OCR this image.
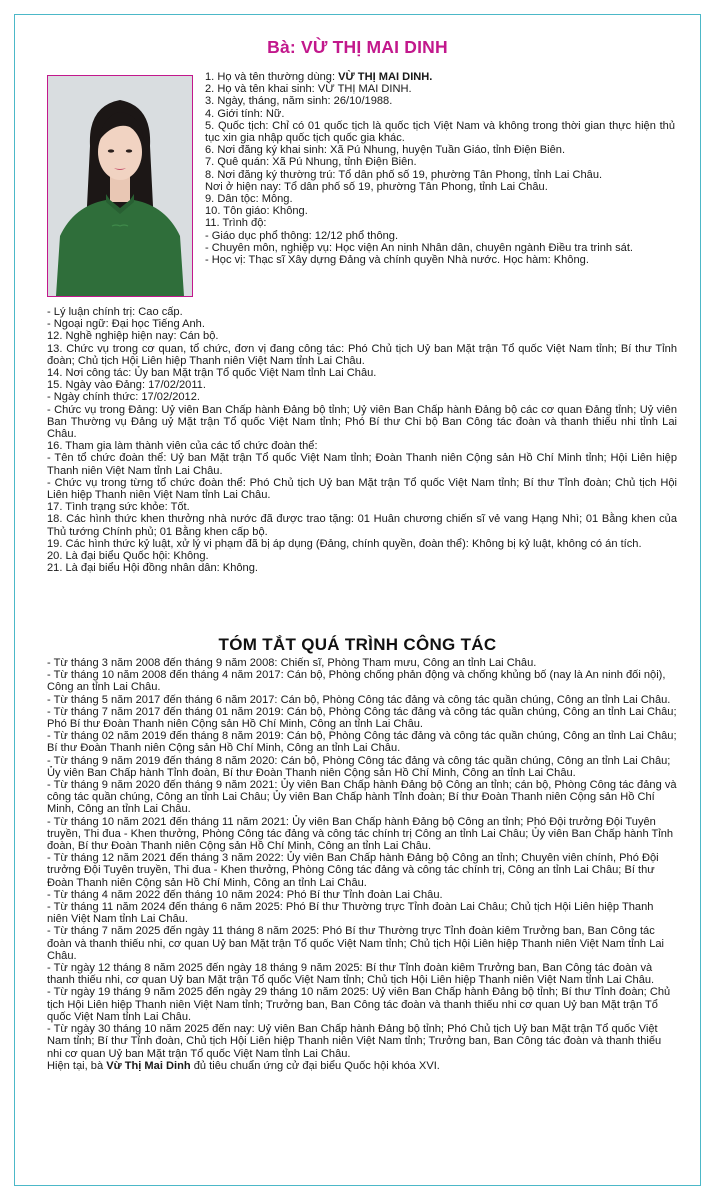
Bà: VỪ THỊ MAI DINH

1. Họ và tên thường dùng: VỪ THỊ MAI DINH.

2. Họ và tên khai sinh: VỪ THỊ MAI DINH.

3. Ngày, tháng, năm sinh: 26/10/1988.

4. Giới tính: Nữ.

5. Quốc tịch: Chỉ có 01 quốc tịch là quốc tịch Việt Nam và không trong thời gian thực hiện thủ tục xin gia nhập quốc tịch quốc gia khác.

6. Nơi đăng ký khai sinh: Xã Pú Nhung, huyện Tuần Giáo, tỉnh Điện Biên.

7. Quê quán: Xã Pú Nhung, tỉnh Điện Biên.

8. Nơi đăng ký thường trú: Tổ dân phố số 19, phường Tân Phong, tỉnh Lai Châu.

Nơi ở hiện nay: Tổ dân phố số 19, phường Tân Phong, tỉnh Lai Châu.

9. Dân tộc: Mông.

10. Tôn giáo: Không.

11. Trình độ:

- Giáo dục phổ thông: 12/12 phổ thông.

- Chuyên môn, nghiệp vụ: Học viện An ninh Nhân dân, chuyên ngành Điều tra trinh sát.

- Học vị: Thạc sĩ Xây dựng Đảng và chính quyền Nhà nước. Học hàm: Không.

- Lý luận chính trị: Cao cấp.

- Ngoại ngữ: Đại học Tiếng Anh.

12. Nghề nghiệp hiện nay: Cán bộ.

13. Chức vụ trong cơ quan, tổ chức, đơn vị đang công tác: Phó Chủ tịch Uỷ ban Mặt trận Tổ quốc Việt Nam tỉnh; Bí thư Tỉnh đoàn; Chủ tịch Hội Liên hiệp Thanh niên Việt Nam tỉnh Lai Châu.

14. Nơi công tác: Ủy ban Mặt trận Tổ quốc Việt Nam tỉnh Lai Châu.

15. Ngày vào Đảng: 17/02/2011.

- Ngày chính thức: 17/02/2012.

- Chức vụ trong Đảng: Uỷ viên Ban Chấp hành Đảng bộ tỉnh; Uỷ viên Ban Chấp hành Đảng bộ các cơ quan Đảng tỉnh; Uỷ viên Ban Thường vụ Đảng uỷ Mặt trận Tổ quốc Việt Nam tỉnh; Phó Bí thư Chi bộ Ban Công tác đoàn và thanh thiếu nhi tỉnh Lai Châu.

16. Tham gia làm thành viên của các tổ chức đoàn thể:

- Tên tổ chức đoàn thể: Uỷ ban Mặt trận Tổ quốc Việt Nam tỉnh; Đoàn Thanh niên Cộng sản Hồ Chí Minh tỉnh; Hội Liên hiệp Thanh niên Việt Nam tỉnh Lai Châu.

- Chức vụ trong từng tổ chức đoàn thể: Phó Chủ tịch Uỷ ban Mặt trận Tổ quốc Việt Nam tỉnh; Bí thư Tỉnh đoàn; Chủ tịch Hội Liên hiệp Thanh niên Việt Nam tỉnh Lai Châu.

17. Tình trạng sức khỏe: Tốt.

18. Các hình thức khen thưởng nhà nước đã được trao tặng: 01 Huân chương chiến sĩ vẻ vang Hạng Nhì; 01 Bằng khen của Thủ tướng Chính phủ; 01 Bằng khen cấp bộ.

19. Các hình thức kỷ luật, xử lý vi phạm đã bị áp dụng (Đảng, chính quyền, đoàn thể): Không bị kỷ luật, không có án tích.

20. Là đại biểu Quốc hội: Không.

21. Là đại biểu Hội đồng nhân dân: Không.

TÓM TẮT QUÁ TRÌNH CÔNG TÁC

- Từ tháng 3 năm 2008 đến tháng 9 năm 2008: Chiến sĩ, Phòng Tham mưu, Công an tỉnh Lai Châu.

- Từ tháng 10 năm 2008 đến tháng 4 năm 2017: Cán bộ, Phòng chống phản động và chống khủng bố (nay là An ninh đối nội), Công an tỉnh Lai Châu.

- Từ tháng 5 năm 2017 đến tháng 6 năm 2017: Cán bộ, Phòng Công tác đảng và công tác quần chúng, Công an tỉnh Lai Châu.

- Từ tháng 7 năm 2017 đến tháng 01 năm 2019: Cán bộ, Phòng Công tác đảng và công tác quần chúng, Công an tỉnh Lai Châu; Phó Bí thư Đoàn Thanh niên Cộng sản Hồ Chí Minh, Công an tỉnh Lai Châu.

- Từ tháng 02 năm 2019 đến tháng 8 năm 2019: Cán bộ, Phòng Công tác đảng và công tác quần chúng, Công an tỉnh Lai Châu; Bí thư Đoàn Thanh niên Cộng sản Hồ Chí Minh, Công an tỉnh Lai Châu.

- Từ tháng 9 năm 2019 đến tháng 8 năm 2020: Cán bộ, Phòng Công tác đảng và công tác quần chúng, Công an tỉnh Lai Châu; Ủy viên Ban Chấp hành Tỉnh đoàn, Bí thư Đoàn Thanh niên Cộng sản Hồ Chí Minh, Công an tỉnh Lai Châu.

- Từ tháng 9 năm 2020 đến tháng 9 năm 2021: Ủy viên Ban Chấp hành Đảng bộ Công an tỉnh; cán bộ, Phòng Công tác đảng và công tác quần chúng, Công an tỉnh Lai Châu; Ủy viên Ban Chấp hành Tỉnh đoàn; Bí thư Đoàn Thanh niên Cộng sản Hồ Chí Minh, Công an tỉnh Lai Châu.

- Từ tháng 10 năm 2021 đến tháng 11 năm 2021: Ủy viên Ban Chấp hành Đảng bộ Công an tỉnh; Phó Đội trưởng Đội Tuyên truyền, Thi đua - Khen thưởng, Phòng Công tác đảng và công tác chính trị Công an tỉnh Lai Châu; Ủy viên Ban Chấp hành Tỉnh đoàn, Bí thư Đoàn Thanh niên Cộng sản Hồ Chí Minh, Công an tỉnh Lai Châu.

- Từ tháng 12 năm 2021 đến tháng 3 năm 2022: Ủy viên Ban Chấp hành Đảng bộ Công an tỉnh; Chuyên viên chính, Phó Đội trưởng Đội Tuyên truyền, Thi đua - Khen thưởng, Phòng Công tác đảng và công tác chính trị, Công an tỉnh Lai Châu; Bí thư Đoàn Thanh niên Cộng sản Hồ Chí Minh, Công an tỉnh Lai Châu.

- Từ tháng 4 năm 2022 đến tháng 10 năm 2024: Phó Bí thư Tỉnh đoàn Lai Châu.

- Từ tháng 11 năm 2024 đến tháng 6 năm 2025: Phó Bí thư Thường trực Tỉnh đoàn Lai Châu; Chủ tịch Hội Liên hiệp Thanh niên Việt Nam tỉnh Lai Châu.

- Từ tháng 7 năm 2025 đến ngày 11 tháng 8 năm 2025: Phó Bí thư Thường trực Tỉnh đoàn kiêm Trưởng ban, Ban Công tác đoàn và thanh thiếu nhi, cơ quan Uỷ ban Mặt trận Tổ quốc Việt Nam tỉnh; Chủ tịch Hội Liên hiệp Thanh niên Việt Nam tỉnh Lai Châu.

- Từ ngày 12 tháng 8 năm 2025 đến ngày 18 tháng 9 năm 2025: Bí thư Tỉnh đoàn kiêm Trưởng ban, Ban Công tác đoàn và thanh thiếu nhi, cơ quan Uỷ ban Mặt trận Tổ quốc Việt Nam tỉnh; Chủ tịch Hội Liên hiệp Thanh niên Việt Nam tỉnh Lai Châu.

- Từ ngày 19 tháng 9 năm 2025 đến ngày 29 tháng 10 năm 2025: Uỷ viên Ban Chấp hành Đảng bộ tỉnh; Bí thư Tỉnh đoàn; Chủ tịch Hội Liên hiệp Thanh niên Việt Nam tỉnh; Trưởng ban, Ban Công tác đoàn và thanh thiếu nhi cơ quan Uỷ ban Mặt trận Tổ quốc Việt Nam tỉnh Lai Châu.

- Từ ngày 30 tháng 10 năm 2025 đến nay: Uỷ viên Ban Chấp hành Đảng bộ tỉnh; Phó Chủ tịch Uỷ ban Mặt trận Tổ quốc Việt Nam tỉnh; Bí thư Tỉnh đoàn, Chủ tịch Hội Liên hiệp Thanh niên Việt Nam tỉnh; Trưởng ban, Ban Công tác đoàn và thanh thiếu nhi cơ quan Uỷ ban Mặt trận Tổ quốc Việt Nam tỉnh Lai Châu.

Hiện tại, bà Vừ Thị Mai Dinh đủ tiêu chuẩn ứng cử đại biểu Quốc hội khóa XVI.
